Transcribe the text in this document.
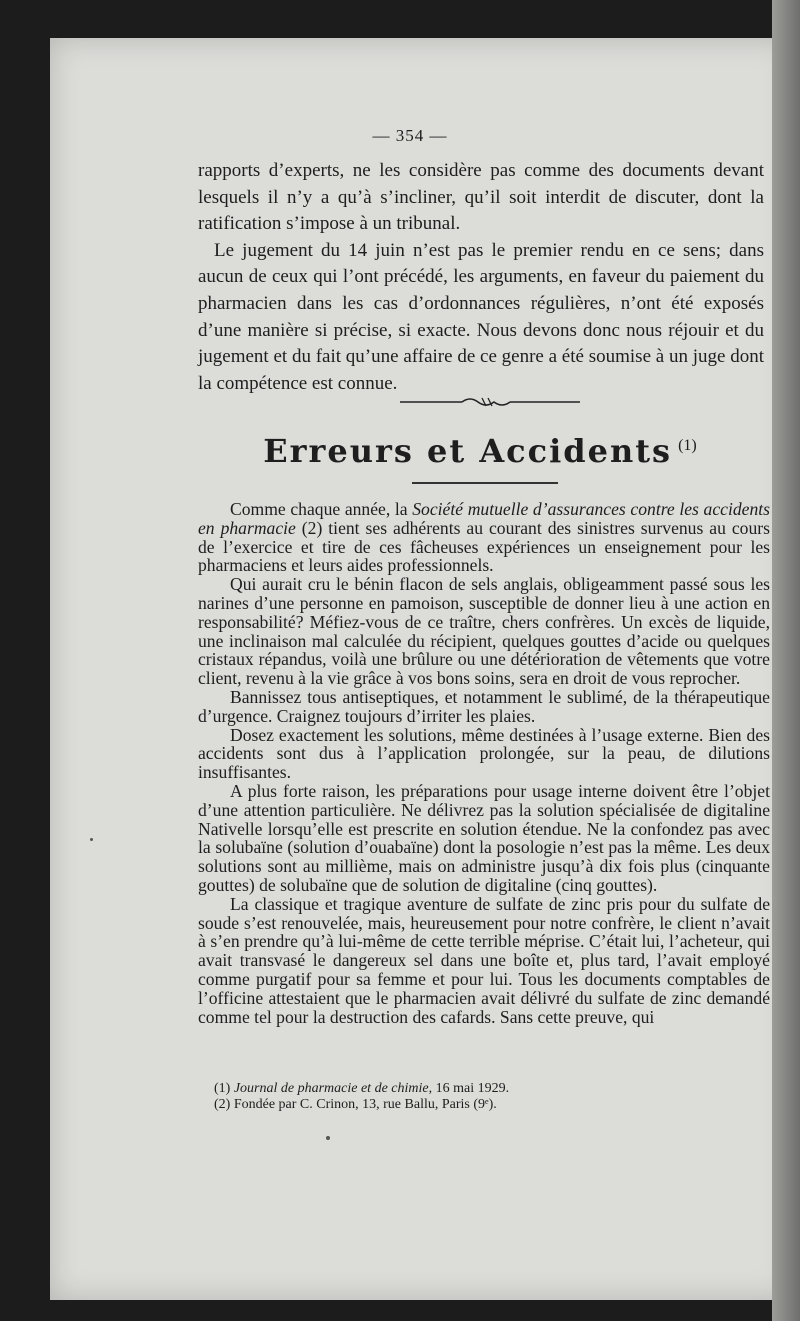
— 354 —

rapports d’experts, ne les considère pas comme des documents devant lesquels il n’y a qu’à s’incliner, qu’il soit interdit de discuter, dont la ratification s’impose à un tribunal.

Le jugement du 14 juin n’est pas le premier rendu en ce sens; dans aucun de ceux qui l’ont précédé, les arguments, en faveur du paiement du pharmacien dans les cas d’ordonnances régulières, n’ont été exposés d’une manière si précise, si exacte. Nous devons donc nous réjouir et du jugement et du fait qu’une affaire de ce genre a été soumise à un juge dont la compétence est connue.

Erreurs et Accidents $^{(1)}$

Comme chaque année, la Société mutuelle d’assurances contre les accidents en pharmacie (2) tient ses adhérents au courant des sinistres survenus au cours de l’exercice et tire de ces fâcheuses expériences un enseignement pour les pharmaciens et leurs aides professionnels.

Qui aurait cru le bénin flacon de sels anglais, obligeamment passé sous les narines d’une personne en pamoison, susceptible de donner lieu à une action en responsabilité? Méfiez-vous de ce traître, chers confrères. Un excès de liquide, une inclinaison mal calculée du récipient, quelques gouttes d’acide ou quelques cristaux répandus, voilà une brûlure ou une détérioration de vêtements que votre client, revenu à la vie grâce à vos bons soins, sera en droit de vous reprocher.

Bannissez tous antiseptiques, et notamment le sublimé, de la thérapeutique d’urgence. Craignez toujours d’irriter les plaies.

Dosez exactement les solutions, même destinées à l’usage externe. Bien des accidents sont dus à l’application prolongée, sur la peau, de dilutions insuffisantes.

A plus forte raison, les préparations pour usage interne doivent être l’objet d’une attention particulière. Ne délivrez pas la solution spécialisée de digitaline Nativelle lorsqu’elle est prescrite en solution étendue. Ne la confondez pas avec la solubaïne (solution d’ouabaïne) dont la posologie n’est pas la même. Les deux solutions sont au millième, mais on administre jusqu’à dix fois plus (cinquante gouttes) de solubaïne que de solution de digitaline (cinq gouttes).

La classique et tragique aventure de sulfate de zinc pris pour du sulfate de soude s’est renouvelée, mais, heureusement pour notre confrère, le client n’avait à s’en prendre qu’à lui-même de cette terrible méprise. C’était lui, l’acheteur, qui avait transvasé le dangereux sel dans une boîte et, plus tard, l’avait employé comme purgatif pour sa femme et pour lui. Tous les documents comptables de l’officine attestaient que le pharmacien avait délivré du sulfate de zinc demandé comme tel pour la destruction des cafards. Sans cette preuve, qui

(1) Journal de pharmacie et de chimie, 16 mai 1929.
(2) Fondée par C. Crinon, 13, rue Ballu, Paris (9ᵉ).
